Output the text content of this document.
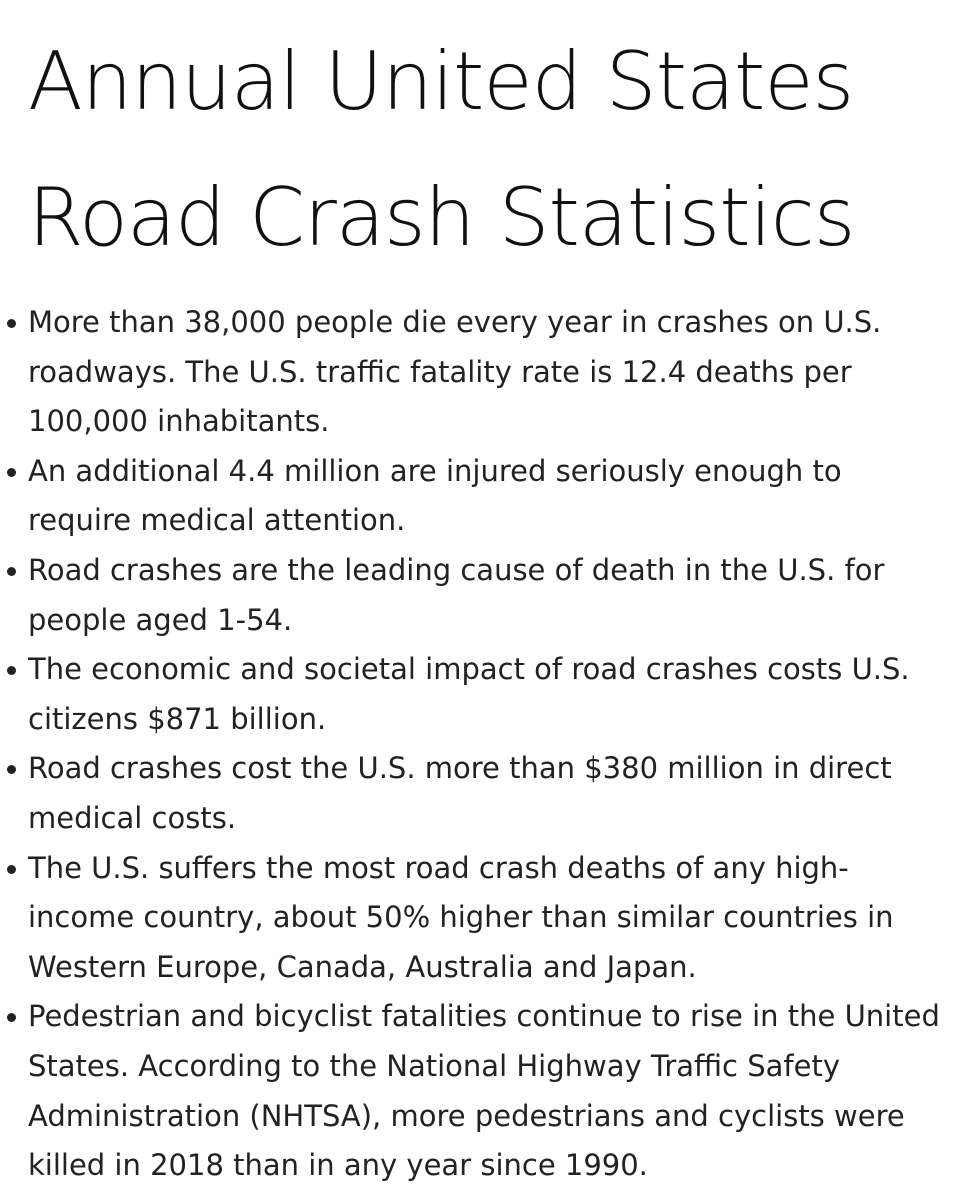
Annual United States
Road Crash Statistics
More than 38,000 people die every year in crashes on U.S. roadways. The U.S. traffic fatality rate is 12.4 deaths per 100,000 inhabitants.
An additional 4.4 million are injured seriously enough to require medical attention.
Road crashes are the leading cause of death in the U.S. for people aged 1-54.
The economic and societal impact of road crashes costs U.S. citizens $871 billion.
Road crashes cost the U.S. more than $380 million in direct medical costs.
The U.S. suffers the most road crash deaths of any high-income country, about 50% higher than similar countries in Western Europe, Canada, Australia and Japan.
Pedestrian and bicyclist fatalities continue to rise in the United States. According to the National Highway Traffic Safety Administration (NHTSA), more pedestrians and cyclists were killed in 2018 than in any year since 1990.
